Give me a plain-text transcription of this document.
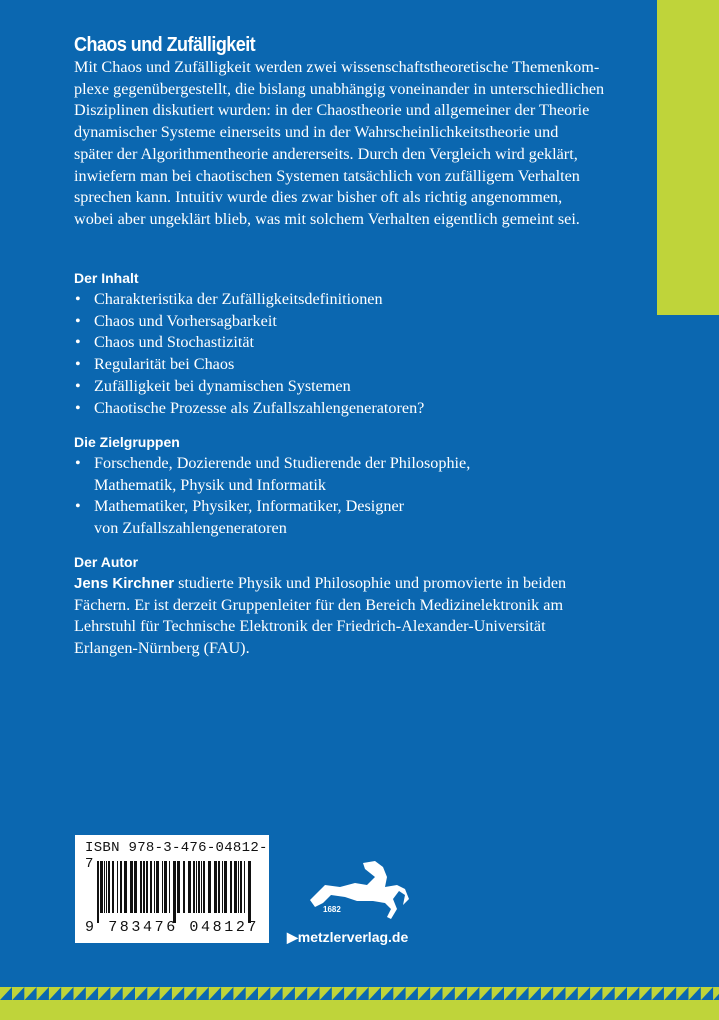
Chaos und Zufälligkeit
Mit Chaos und Zufälligkeit werden zwei wissenschaftstheoretische Themenkom-
plexe gegenübergestellt, die bislang unabhängig voneinander in unterschiedlichen
Disziplinen diskutiert wurden: in der Chaostheorie und allgemeiner der Theorie
dynamischer Systeme einerseits und in der Wahrscheinlichkeitstheorie und
später der Algorithmentheorie andererseits. Durch den Vergleich wird geklärt,
inwiefern man bei chaotischen Systemen tatsächlich von zufälligem Verhalten
sprechen kann. Intuitiv wurde dies zwar bisher oft als richtig angenommen,
wobei aber ungeklärt blieb, was mit solchem Verhalten eigentlich gemeint sei.
Der Inhalt
• Charakteristika der Zufälligkeitsdefinitionen
• Chaos und Vorhersagbarkeit
• Chaos und Stochastizität
• Regularität bei Chaos
• Zufälligkeit bei dynamischen Systemen
• Chaotische Prozesse als Zufallszahlengeneratoren?
Die Zielgruppen
• Forschende, Dozierende und Studierende der Philosophie,
Mathematik, Physik und Informatik
• Mathematiker, Physiker, Informatiker, Designer
von Zufallszahlengeneratoren
Der Autor
Jens Kirchner studierte Physik und Philosophie und promovierte in beiden
Fächern. Er ist derzeit Gruppenleiter für den Bereich Medizinelektronik am
Lehrstuhl für Technische Elektronik der Friedrich-Alexander-Universität
Erlangen-Nürnberg (FAU).
ISBN 978-3-476-04812-7
9 783476 048127
1682
▶metzlerverlag.de
